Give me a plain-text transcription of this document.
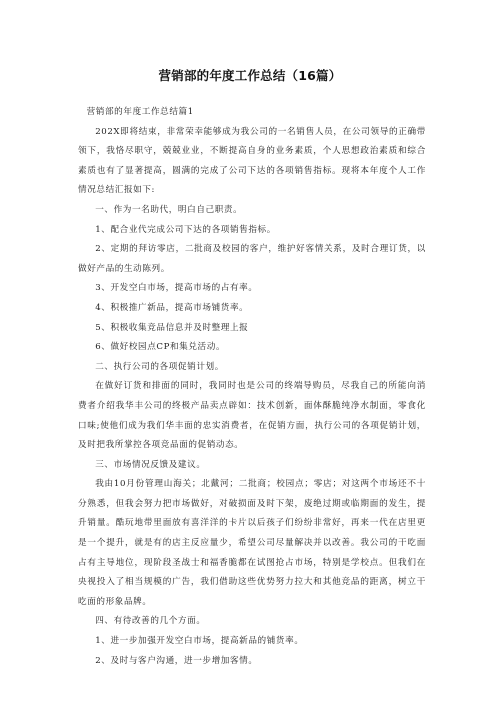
营销部的年度工作总结（16篇）

营销部的年度工作总结篇1

202X即将结束，非常荣幸能够成为我公司的一名销售人员，在公司领导的正确带领下，我恪尽职守，兢兢业业，不断提高自身的业务素质，个人思想政治素质和综合素质也有了显著提高，圆满的完成了公司下达的各项销售指标。现将本年度个人工作情况总结汇报如下:

一、作为一名助代，明白自己职责。

1、配合业代完成公司下达的各项销售指标。

2、定期的拜访零店，二批商及校园的客户，维护好客情关系，及时合理订货，以做好产品的生动陈列。

3、开发空白市场，提高市场的占有率。

4、积极推广新品，提高市场铺货率。

5、积极收集竞品信息并及时整理上报

6、做好校园点CP和集兑活动。

二、执行公司的各项促销计划。

在做好订货和排面的同时，我同时也是公司的终端导购员，尽我自己的所能向消费者介绍我华丰公司的终极产品卖点辟如：技术创新，面体酥脆纯净水制面，零食化口味;使他们成为我们华丰面的忠实消费者，在促销方面，执行公司的各项促销计划，及时把我所掌控各项竞品面的促销动态。

三、市场情况反馈及建议。

我由10月份管理山海关；北戴河；二批商；校园点；零店；对这两个市场还不十分熟悉，但我会努力把市场做好，对破损面及时下架，废绝过期或临期面的发生，提升销量。酷玩地带里面放有喜洋洋的卡片以后孩子们纷纷非常好，再来一代在店里更是一个提升，就是有的店主反应量少，希望公司尽量解决并以改善。我公司的干吃面占有主导地位，现阶段圣战士和福香脆都在试图抢占市场，特别是学校点。但我们在央视投入了相当规模的广告，我们借助这些优势努力拉大和其他竞品的距离，树立干吃面的形象品牌。

四、有待改善的几个方面。

1、进一步加强开发空白市场，提高新品的铺货率。

2、及时与客户沟通，进一步增加客情。
